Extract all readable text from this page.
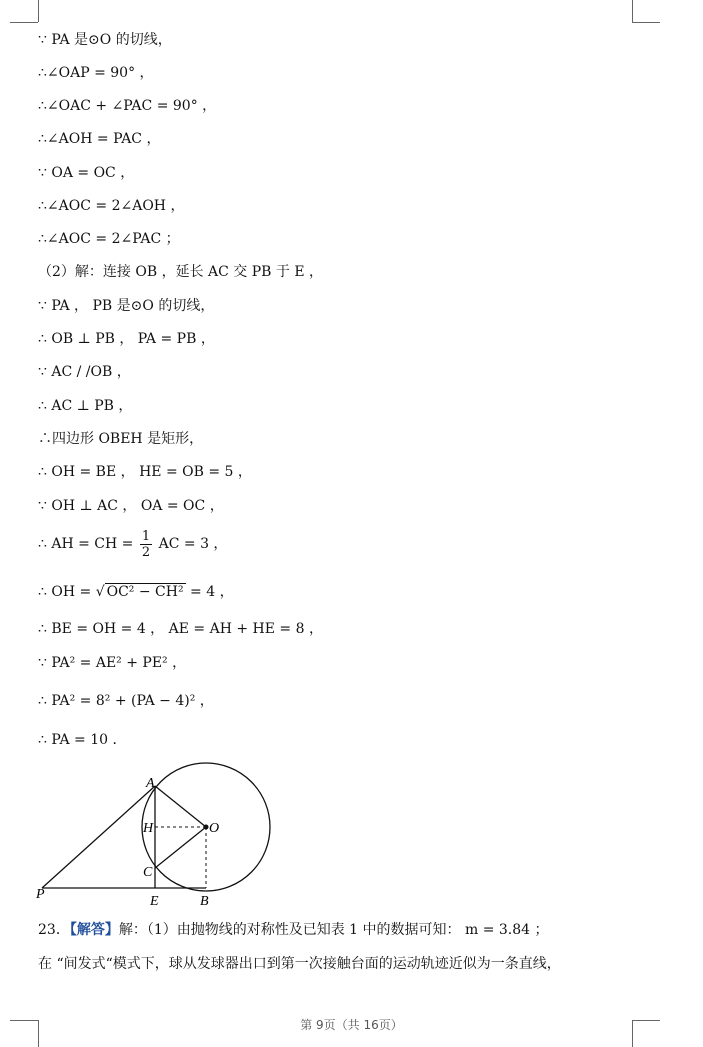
∵ PA 是⊙O 的切线，
∴∠OAP = 90° ，
∴∠OAC + ∠PAC = 90° ，
∴∠AOH = PAC ，
∵ OA = OC ，
∴∠AOC = 2∠AOH ，
∴∠AOC = 2∠PAC ；
（2）解：连接 OB ，延长 AC 交 PB 于 E ，
∵ PA ， PB 是⊙O 的切线，
∴ OB ⊥ PB ， PA = PB ，
∵ AC / /OB ，
∴ AC ⊥ PB ，
∴四边形 OBEH 是矩形，
∴ OH = BE ， HE = OB = 5 ，
∵ OH ⊥ AC ， OA = OC ，
∴ AH = CH = $\frac{1}{2}$ AC = 3 ，
∴ OH = √ OC² − CH² = 4 ，
∴ BE = OH = 4 ， AE = AH + HE = 8 ，
∵ PA² = AE² + PE² ，
∴ PA² = 8² + (PA − 4)² ，
∴ PA = 10 ．
A
H	O
C
P	E	B
23．【解答】解：（1）由抛物线的对称性及已知表 1 中的数据可知： m = 3.84 ；
在 “间发式“模式下，球从发球器出口到第一次接触台面的运动轨迹近似为一条直线，
第 9页（共 16页）
